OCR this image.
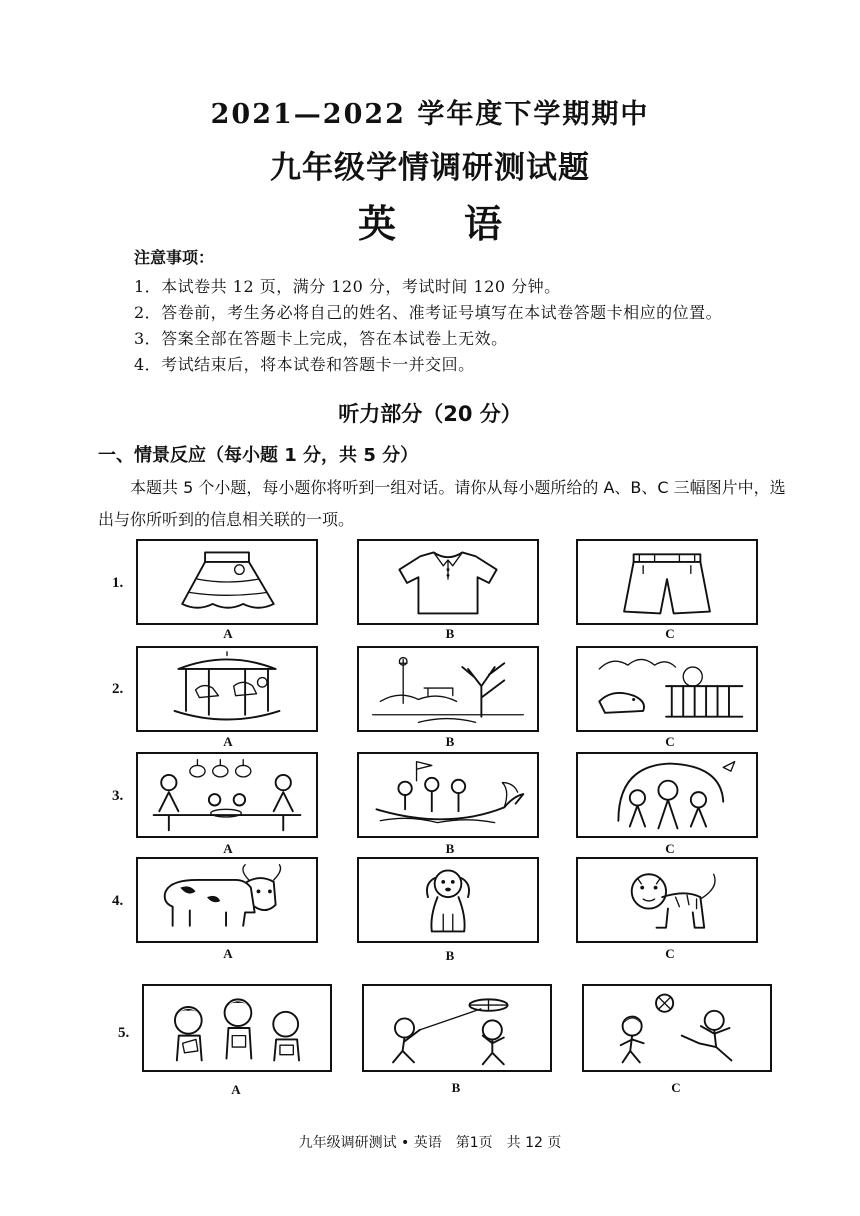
2021—2022 学年度下学期期中
九年级学情调研测试题
英 语
注意事项：
1．本试卷共 12 页，满分 120 分，考试时间 120 分钟。
2．答卷前，考生务必将自己的姓名、准考证号填写在本试卷答题卡相应的位置。
3．答案全部在答题卡上完成，答在本试卷上无效。
4．考试结束后，将本试卷和答题卡一并交回。
听力部分（20 分）
一、情景反应（每小题 1 分，共 5 分）
本题共 5 个小题，每小题你将听到一组对话。请你从每小题所给的 A、B、C 三幅图片中，选出与你所听到的信息相关联的一项。
1.
A	B	C
2.
A	B	C
3.
A	B	C
4.
A	B	C
5.
A	B	C
九年级调研测试 • 英语　第1页　共 12 页
